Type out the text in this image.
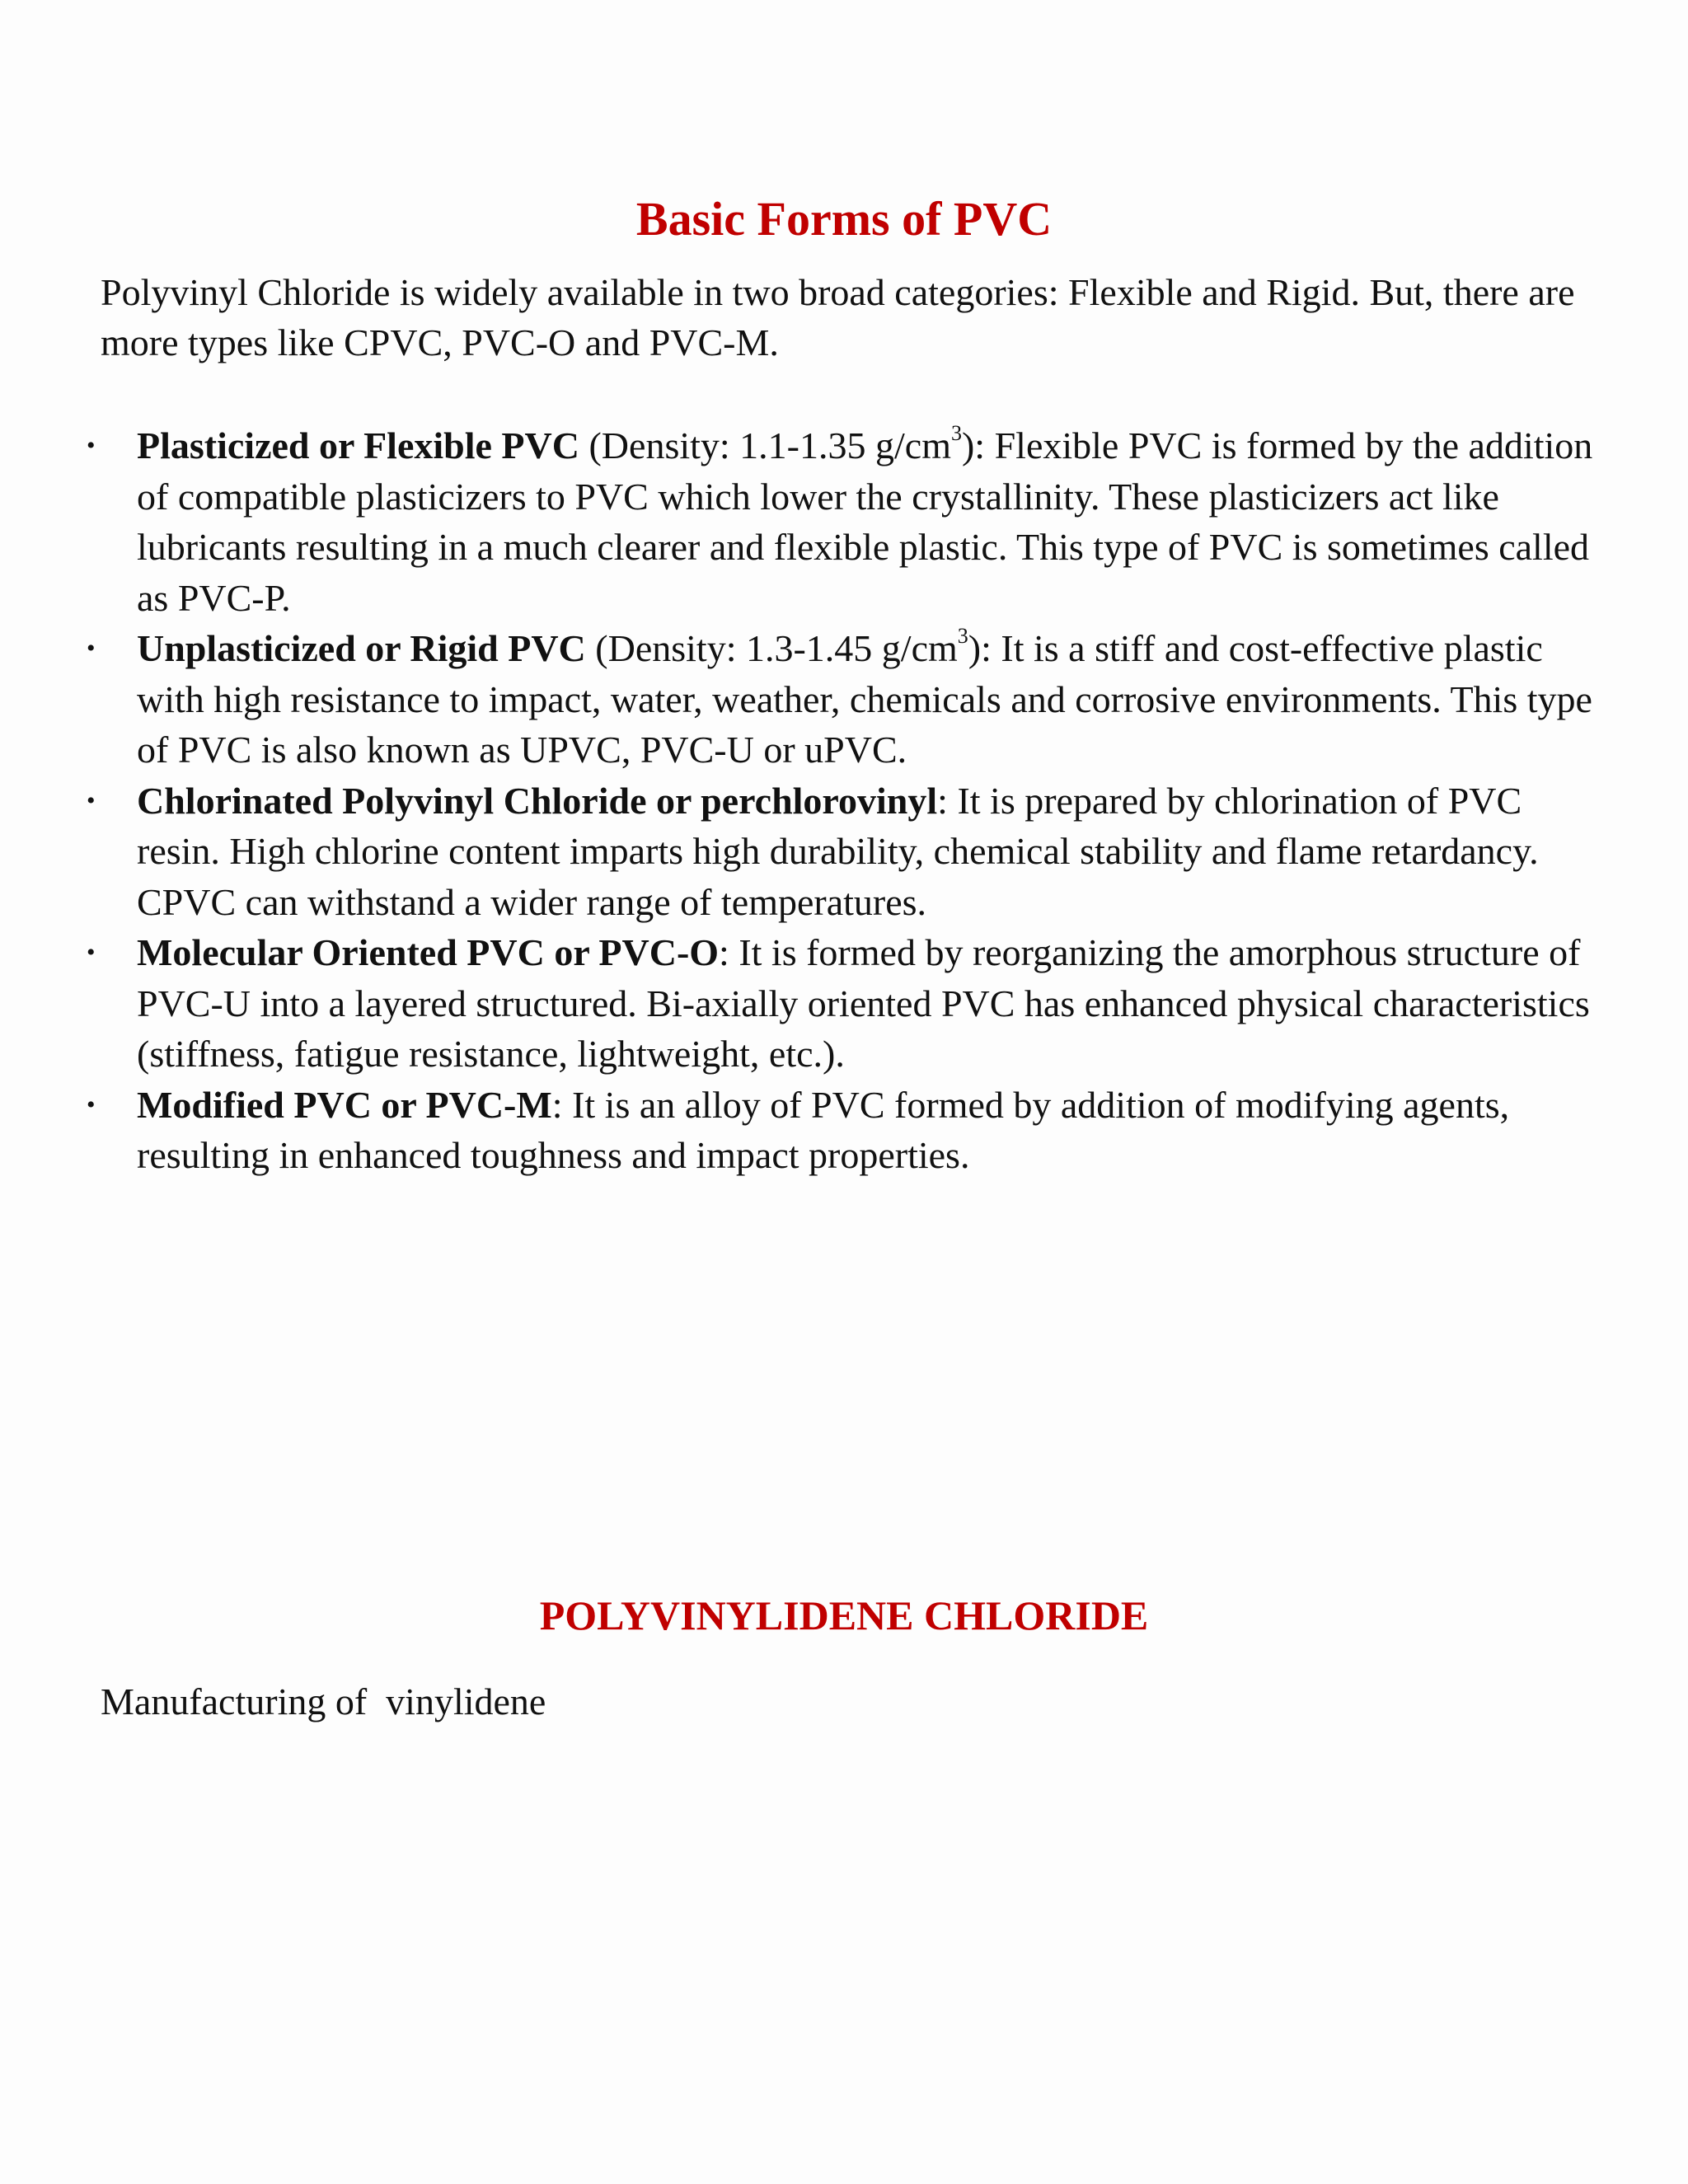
Basic Forms of PVC
Polyvinyl Chloride is widely available in two broad categories: Flexible and Rigid. But, there are more types like CPVC, PVC-O and PVC-M.
• Plasticized or Flexible PVC (Density: 1.1-1.35 $g/cm^3$): Flexible PVC is formed by the addition of compatible plasticizers to PVC which lower the crystallinity. These plasticizers act like lubricants resulting in a much clearer and flexible plastic. This type of PVC is sometimes called as PVC-P.
• Unplasticized or Rigid PVC (Density: 1.3-1.45 $g/cm^3$): It is a stiff and cost-effective plastic with high resistance to impact, water, weather, chemicals and corrosive environments. This type of PVC is also known as UPVC, PVC-U or uPVC.
• Chlorinated Polyvinyl Chloride or perchlorovinyl: It is prepared by chlorination of PVC resin. High chlorine content imparts high durability, chemical stability and flame retardancy. CPVC can withstand a wider range of temperatures.
• Molecular Oriented PVC or PVC-O: It is formed by reorganizing the amorphous structure of PVC-U into a layered structured. Bi-axially oriented PVC has enhanced physical characteristics (stiffness, fatigue resistance, lightweight, etc.).
• Modified PVC or PVC-M: It is an alloy of PVC formed by addition of modifying agents, resulting in enhanced toughness and impact properties.
POLYVINYLIDENE CHLORIDE
Manufacturing of  vinylidene
